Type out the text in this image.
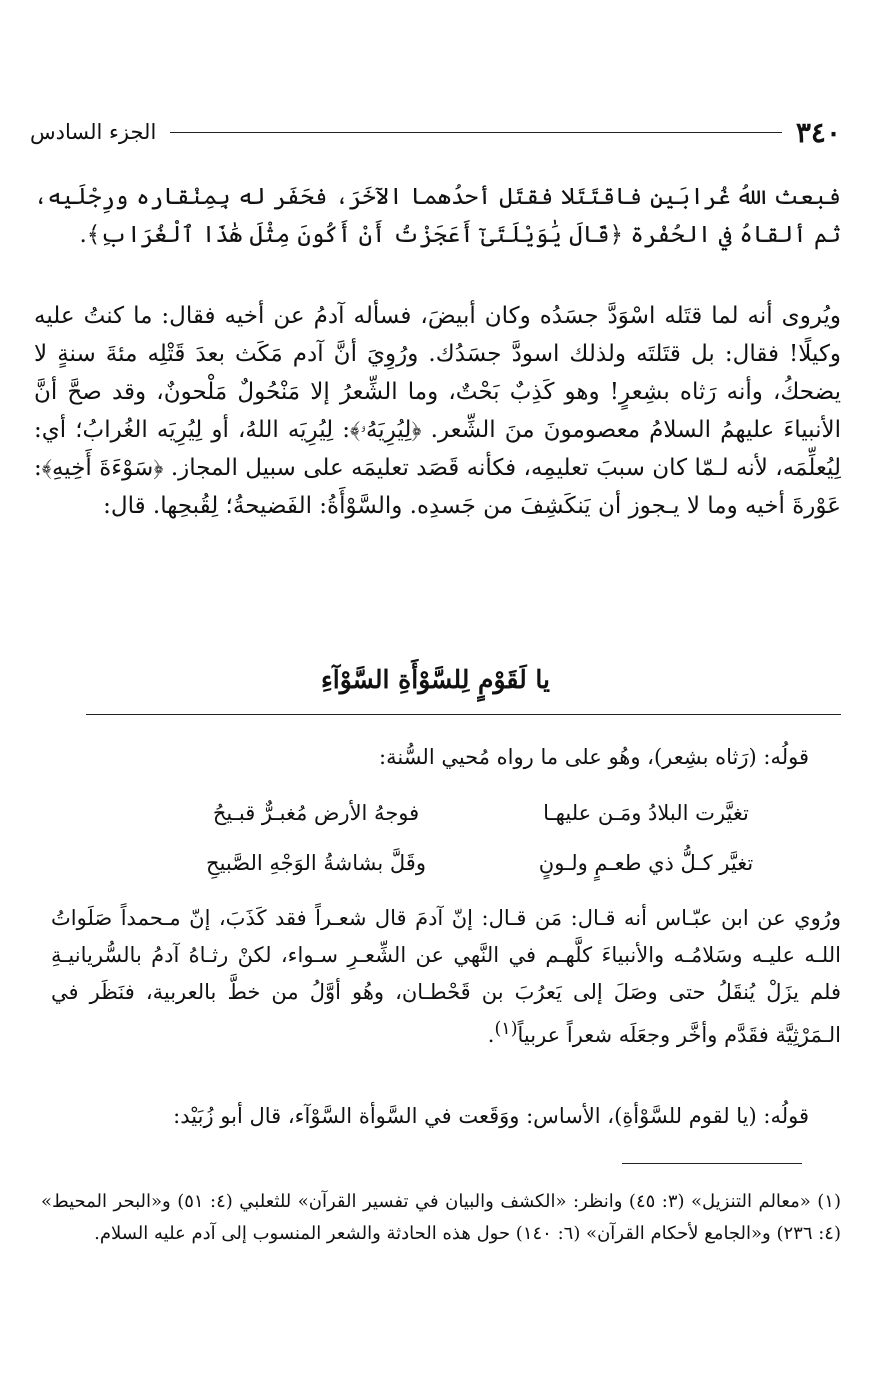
الجزء السادس	٣٤٠

فبعث اللهُ غُرابَينِ فاقتَتَلا فقتَل أحدُهما الآخَرَ، فحَفَر له بِمِنْقاره ورِجْلَيه، ثم ألقاهُ في الحُفْرة ﴿قَالَ يَٰوَيْلَتَىٰٓ أَعَجَزْتُ أَنْ أَكُونَ مِثْلَ هَٰذَا ٱلْغُرَابِ﴾.

ويُروى أنه لما قتَله اسْوَدَّ جسَدُه وكان أبيضَ، فسأله آدمُ عن أخيه فقال: ما كنتُ عليه وكيلًا! فقال: بل قتَلتَه ولذلك اسودَّ جسَدُك. ورُوِيَ أنَّ آدم مَكَث بعدَ قَتْلِه مئةَ سنةٍ لا يضحكُ، وأنه رَثاه بشِعرٍ! وهو كَذِبٌ بَحْتٌ، وما الشِّعرُ إلا مَنْحُولٌ مَلْحونٌ، وقد صحَّ أنَّ الأنبياءَ عليهمُ السلامُ معصومونَ منَ الشِّعر. ﴿لِيُرِيَهُۥ﴾: لِيُرِيَه اللهُ، أو لِيُرِيَه الغُرابُ؛ أي: لِيُعلِّمَه، لأنه لـمّا كان سببَ تعليمِه، فكأنه قَصَد تعليمَه على سبيل المجاز. ﴿سَوْءَةَ أَخِيهِ﴾: عَوْرةَ أخيه وما لا يـجوز أن يَنكَشِفَ من جَسدِه. والسَّوْأَةُ: الفَضيحةُ؛ لِقُبحِها. قال:

يا لَقَوْمٍ لِلسَّوْأَةِ السَّوْآءِ

قولُه: (رَثاه بشِعر)، وهُو على ما رواه مُحيي السُّنة:

تغيَّرت البلادُ ومَـن عليهـا
فوجهُ الأرض مُغبـرٌّ قبـيحُ
تغيَّر كـلُّ ذي طعـمٍ ولـونٍ
وقَلَّ بشاشةُ الوَجْهِ الصَّبيحِ

ورُوي عن ابن عبّـاس أنه قـال: مَن قـال: إنّ آدمَ قال شعـراً فقد كَذَبَ، إنّ مـحمداً صَلَواتُ اللـه عليـه وسَلامُـه والأنبياءَ كلَّهـم في النَّهي عن الشِّعـرِ سـواء، لكنْ رثـاهُ آدمُ بالسُّريانيـةِ فلم يزَلْ يُنقَلُ حتى وصَلَ إلى يَعرُبَ بن قَحْطـان، وهُو أوَّلُ من خطَّ بالعربية، فنَظَر في الـمَرْثِيَّة فقَدَّم وأخَّر وجعَلَه شعراً عربياً$^{(١)}$.

قولُه: (يا لقوم للسَّوْأةِ)، الأساس: ووَقَعت في السَّوأة السَّوْآء، قال أبو زُبَيْد:

(١) «معالم التنزيل» (٣: ٤٥) وانظر: «الكشف والبيان في تفسير القرآن» للثعلبي (٤: ٥١) و«البحر المحيط» (٤: ٢٣٦) و«الجامع لأحكام القرآن» (٦: ١٤٠) حول هذه الحادثة والشعر المنسوب إلى آدم عليه السلام.
